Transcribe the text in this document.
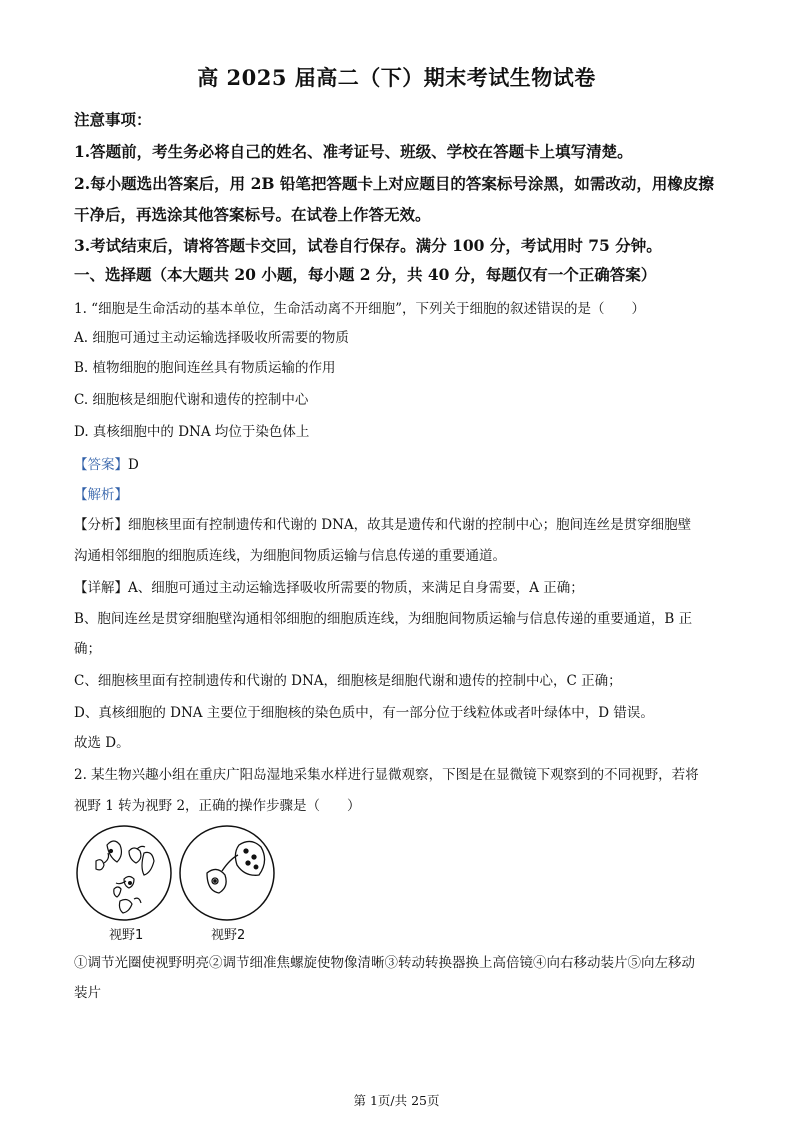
高 2025 届高二（下）期末考试生物试卷
注意事项：
1.答题前，考生务必将自己的姓名、准考证号、班级、学校在答题卡上填写清楚。
2.每小题选出答案后，用 2B 铅笔把答题卡上对应题目的答案标号涂黑，如需改动，用橡皮擦
干净后，再选涂其他答案标号。在试卷上作答无效。
3.考试结束后，请将答题卡交回，试卷自行保存。满分 100 分，考试用时 75 分钟。
一、选择题（本大题共 20 小题，每小题 2 分，共 40 分，每题仅有一个正确答案）
1. “细胞是生命活动的基本单位，生命活动离不开细胞”，下列关于细胞的叙述错误的是（　　）
A. 细胞可通过主动运输选择吸收所需要的物质
B. 植物细胞的胞间连丝具有物质运输的作用
C. 细胞核是细胞代谢和遗传的控制中心
D. 真核细胞中的 DNA 均位于染色体上
【答案】D
【解析】
【分析】细胞核里面有控制遗传和代谢的 DNA，故其是遗传和代谢的控制中心；胞间连丝是贯穿细胞壁
沟通相邻细胞的细胞质连线，为细胞间物质运输与信息传递的重要通道。
【详解】A、细胞可通过主动运输选择吸收所需要的物质，来满足自身需要，A 正确；
B、胞间连丝是贯穿细胞壁沟通相邻细胞的细胞质连线，为细胞间物质运输与信息传递的重要通道，B 正
确；
C、细胞核里面有控制遗传和代谢的 DNA，细胞核是细胞代谢和遗传的控制中心，C 正确；
D、真核细胞的 DNA 主要位于细胞核的染色质中，有一部分位于线粒体或者叶绿体中，D 错误。
故选 D。
2. 某生物兴趣小组在重庆广阳岛湿地采集水样进行显微观察，下图是在显微镜下观察到的不同视野，若将
视野 1 转为视野 2，正确的操作步骤是（　　）
视野1	视野2
①调节光圈使视野明亮②调节细准焦螺旋使物像清晰③转动转换器换上高倍镜④向右移动装片⑤向左移动
装片
第 1页/共 25页
